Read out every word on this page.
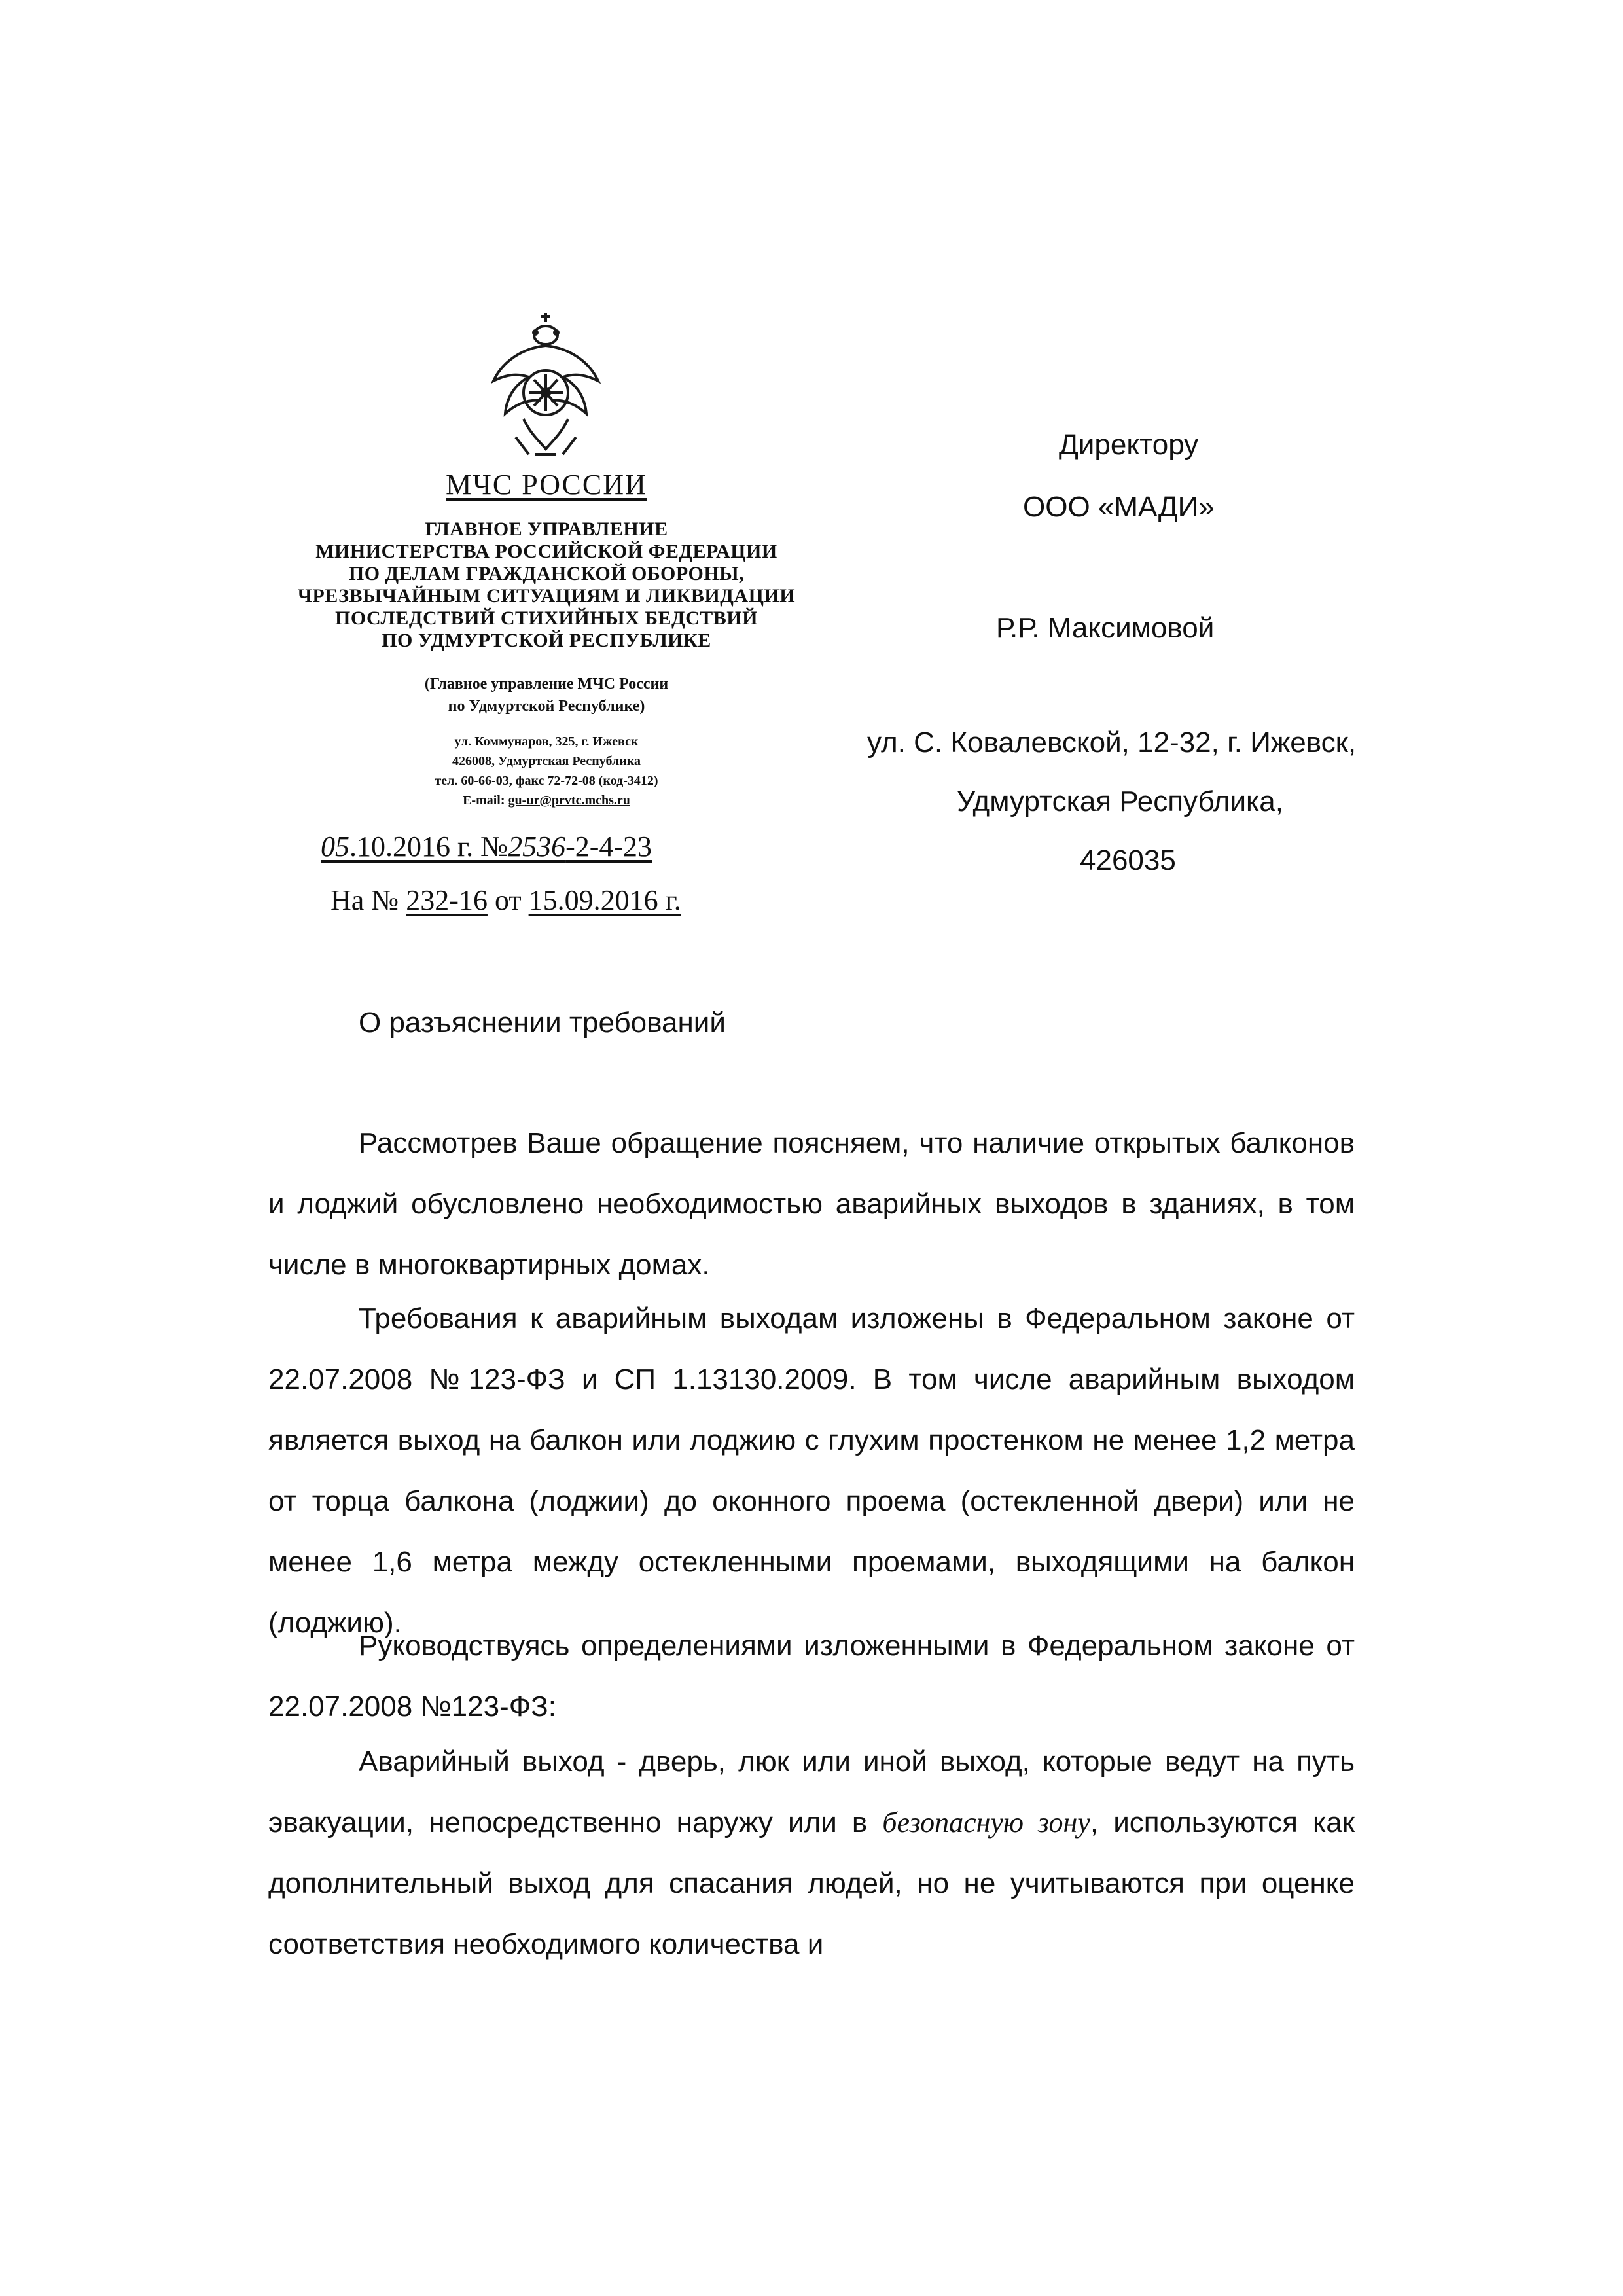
МЧС РОССИИ
ГЛАВНОЕ УПРАВЛЕНИЕ
МИНИСТЕРСТВА РОССИЙСКОЙ ФЕДЕРАЦИИ
ПО ДЕЛАМ ГРАЖДАНСКОЙ ОБОРОНЫ,
ЧРЕЗВЫЧАЙНЫМ СИТУАЦИЯМ И ЛИКВИДАЦИИ
ПОСЛЕДСТВИЙ СТИХИЙНЫХ БЕДСТВИЙ
ПО УДМУРТСКОЙ РЕСПУБЛИКЕ
(Главное управление МЧС России
по Удмуртской Республике)
ул. Коммунаров, 325, г. Ижевск
426008, Удмуртская Республика
тел. 60-66-03, факс 72-72-08 (код-3412)
E-mail: gu-ur@prvtc.mchs.ru
05.10.2016 г. №2536-2-4-23
На № 232-16 от 15.09.2016 г.
Директору
ООО «МАДИ»
Р.Р. Максимовой
ул. С. Ковалевской, 12-32, г. Ижевск,
Удмуртская Республика,
426035
О разъяснении требований

Рассмотрев Ваше обращение поясняем, что наличие открытых балконов и лоджий обусловлено необходимостью аварийных выходов в зданиях, в том числе в многоквартирных домах.

Требования к аварийным выходам изложены в Федеральном законе от 22.07.2008 №123-ФЗ и СП 1.13130.2009. В том числе аварийным выходом является выход на балкон или лоджию с глухим простенком не менее 1,2 метра от торца балкона (лоджии) до оконного проема (остекленной двери) или не менее 1,6 метра между остекленными проемами, выходящими на балкон (лоджию).

Руководствуясь определениями изложенными в Федеральном законе от 22.07.2008 №123-ФЗ:

Аварийный выход - дверь, люк или иной выход, которые ведут на путь эвакуации, непосредственно наружу или в безопасную зону, используются как дополнительный выход для спасания людей, но не учитываются при оценке соответствия необходимого количества и
